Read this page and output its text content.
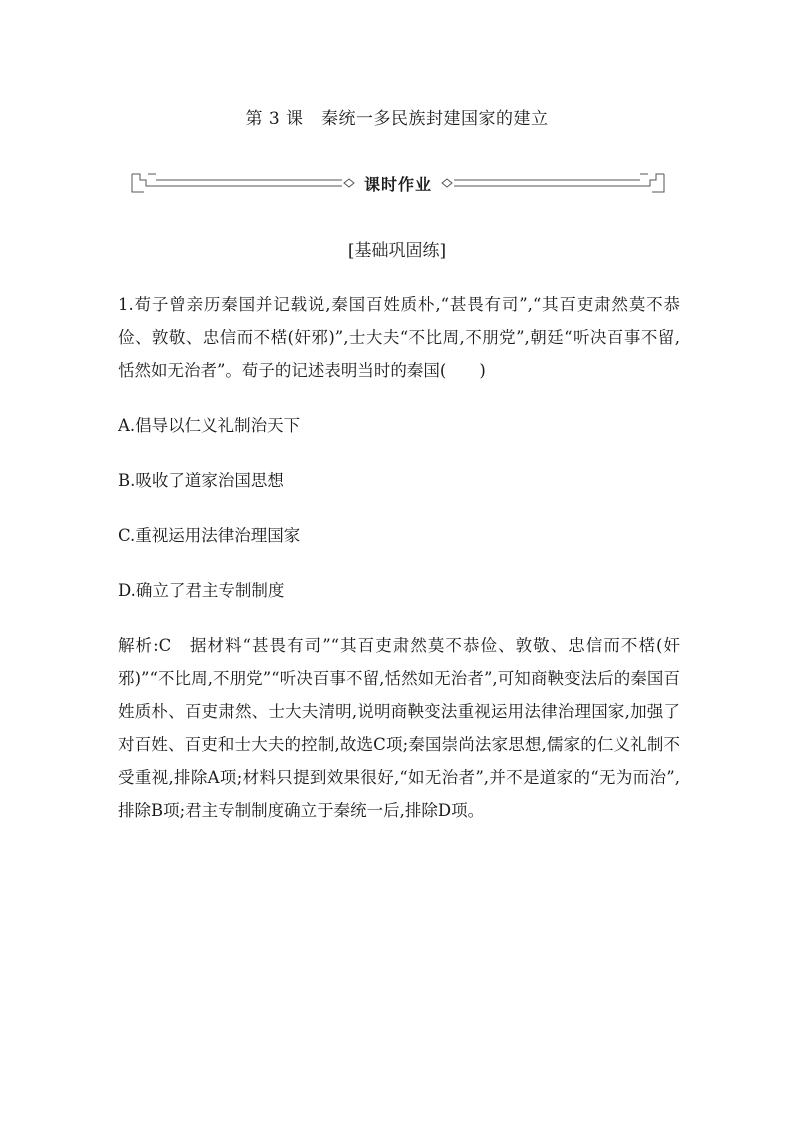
第 3 课　秦统一多民族封建国家的建立
课时作业
[基础巩固练]

1.荀子曾亲历秦国并记载说,秦国百姓质朴,“甚畏有司”,“其百吏肃然莫不恭俭、敦敬、忠信而不楛(奸邪)”,士大夫“不比周,不朋党”,朝廷“听决百事不留,恬然如无治者”。荀子的记述表明当时的秦国(　　)

A.倡导以仁义礼制治天下

B.吸收了道家治国思想

C.重视运用法律治理国家

D.确立了君主专制制度

解析:C　据材料“甚畏有司”“其百吏肃然莫不恭俭、敦敬、忠信而不楛(奸邪)”“不比周,不朋党”“听决百事不留,恬然如无治者”,可知商鞅变法后的秦国百姓质朴、百吏肃然、士大夫清明,说明商鞅变法重视运用法律治理国家,加强了对百姓、百吏和士大夫的控制,故选C项;秦国崇尚法家思想,儒家的仁义礼制不受重视,排除A项;材料只提到效果很好,“如无治者”,并不是道家的“无为而治”,排除B项;君主专制制度确立于秦统一后,排除D项。
